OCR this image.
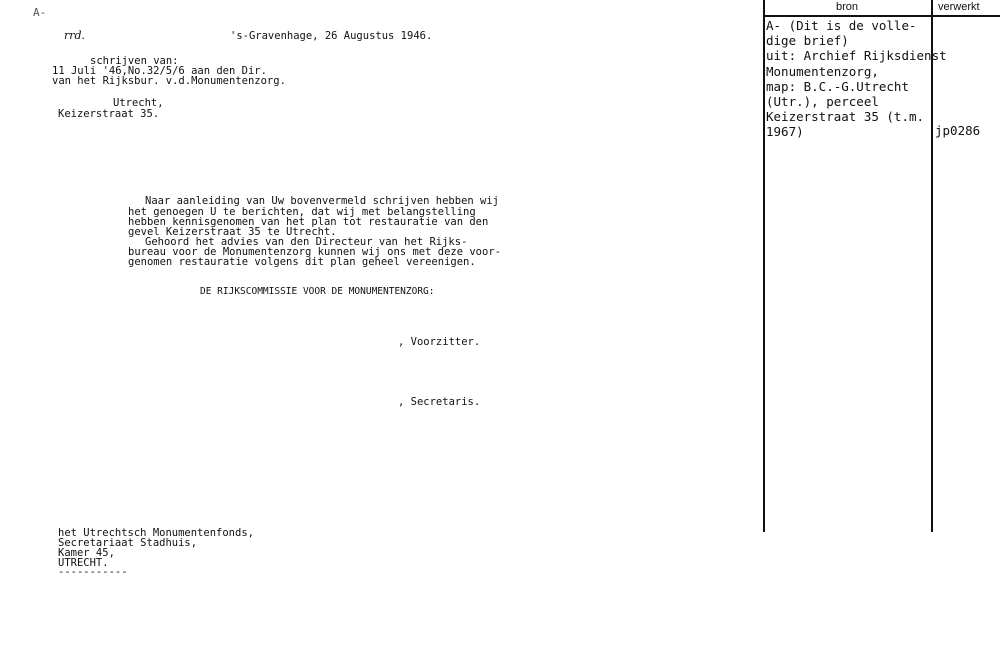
A-
rrd.	's-Gravenhage, 26 Augustus 1946.
schrijven van:
11 Juli '46,No.32/5/6 aan den Dir.
van het Rijksbur. v.d.Monumentenzorg.
Utrecht,
Keizerstraat 35.
Naar aanleiding van Uw bovenvermeld schrijven hebben wij
het genoegen U te berichten, dat wij met belangstelling
hebben kennisgenomen van het plan tot restauratie van den
gevel Keizerstraat 35 te Utrecht.
Gehoord het advies van den Directeur van het Rijks-
bureau voor de Monumentenzorg kunnen wij ons met deze voor-
genomen restauratie volgens dit plan geheel vereenigen.
DE RIJKSCOMMISSIE VOOR DE MONUMENTENZORG:
, Voorzitter.
, Secretaris.
het Utrechtsch Monumentenfonds,
Secretariaat Stadhuis,
Kamer 45,
UTRECHT.
-----------
bron	verwerkt
A- (Dit is de volle-
dige brief)
uit: Archief Rijksdienst
Monumentenzorg,
map: B.C.-G.Utrecht
(Utr.), perceel
Keizerstraat 35 (t.m.
1967)	jp0286
